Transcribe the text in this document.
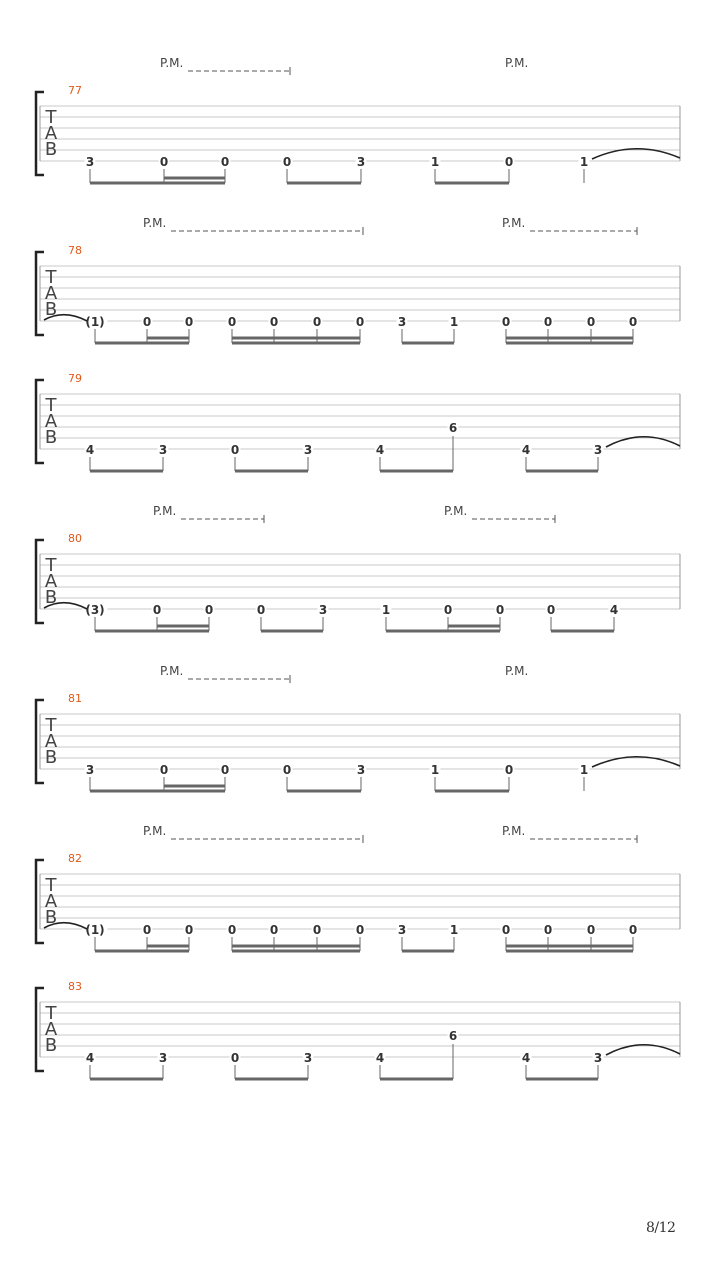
T
A
B
77
P.M.	P.M.
3	0	0	0	3	1	0	1
T
A
B
78
P.M.	P.M.
(1)	0	0	0	0	0	0	3	1	0	0	0	0
T
A
B
79
4	3	0	3	4
6
4	3
T
A
B
80
P.M.	P.M.
(3)	0	0	0	3	1	0	0	0	4
T
A
B
81
P.M.	P.M.
3	0	0	0	3	1	0	1
T
A
B
82
P.M.	P.M.
(1)	0	0	0	0	0	0	3	1	0	0	0	0
T
A
B
83
4	3	0	3	4
6
4	3
8/12
